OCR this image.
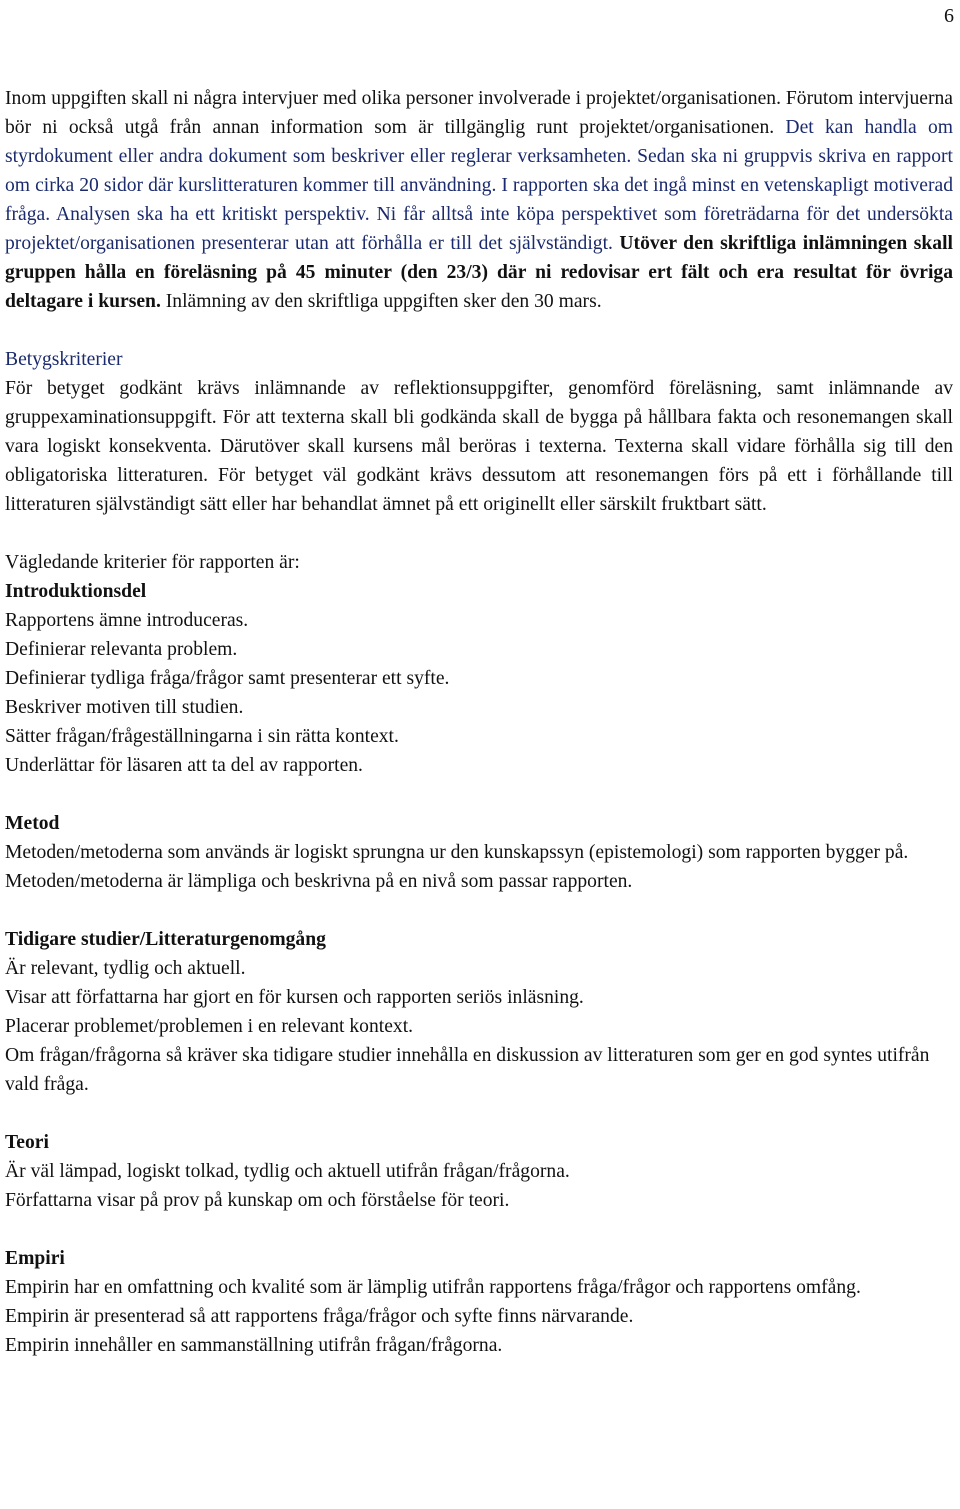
6

Inom uppgiften skall ni några intervjuer med olika personer involverade i projektet/organisationen. Förutom intervjuerna bör ni också utgå från annan information som är tillgänglig runt projektet/organisationen. Det kan handla om styrdokument eller andra dokument som beskriver eller reglerar verksamheten. Sedan ska ni gruppvis skriva en rapport om cirka 20 sidor där kurslitteraturen kommer till användning. I rapporten ska det ingå minst en vetenskapligt motiverad fråga. Analysen ska ha ett kritiskt perspektiv. Ni får alltså inte köpa perspektivet som företrädarna för det undersökta projektet/organisationen presenterar utan att förhålla er till det självständigt. Utöver den skriftliga inlämningen skall gruppen hålla en föreläsning på 45 minuter (den 23/3) där ni redovisar ert fält och era resultat för övriga deltagare i kursen. Inlämning av den skriftliga uppgiften sker den 30 mars.

Betygskriterier

För betyget godkänt krävs inlämnande av reflektionsuppgifter, genomförd föreläsning, samt inlämnande av gruppexaminationsuppgift. För att texterna skall bli godkända skall de bygga på hållbara fakta och resonemangen skall vara logiskt konsekventa. Därutöver skall kursens mål beröras i texterna. Texterna skall vidare förhålla sig till den obligatoriska litteraturen. För betyget väl godkänt krävs dessutom att resonemangen förs på ett i förhållande till litteraturen självständigt sätt eller har behandlat ämnet på ett originellt eller särskilt fruktbart sätt.

Vägledande kriterier för rapporten är:

Introduktionsdel

Rapportens ämne introduceras.

Definierar relevanta problem.

Definierar tydliga fråga/frågor samt presenterar ett syfte.

Beskriver motiven till studien.

Sätter frågan/frågeställningarna i sin rätta kontext.

Underlättar för läsaren att ta del av rapporten.

Metod

Metoden/metoderna som används är logiskt sprungna ur den kunskapssyn (epistemologi) som rapporten bygger på.

Metoden/metoderna är lämpliga och beskrivna på en nivå som passar rapporten.

Tidigare studier/Litteraturgenomgång

Är relevant, tydlig och aktuell.

Visar att författarna har gjort en för kursen och rapporten seriös inläsning.

Placerar problemet/problemen i en relevant kontext.

Om frågan/frågorna så kräver ska tidigare studier innehålla en diskussion av litteraturen som ger en god syntes utifrån vald fråga.

Teori

Är väl lämpad, logiskt tolkad, tydlig och aktuell utifrån frågan/frågorna.

Författarna visar på prov på kunskap om och förståelse för teori.

Empiri

Empirin har en omfattning och kvalité som är lämplig utifrån rapportens fråga/frågor och rapportens omfång.

Empirin är presenterad så att rapportens fråga/frågor och syfte finns närvarande.

Empirin innehåller en sammanställning utifrån frågan/frågorna.
